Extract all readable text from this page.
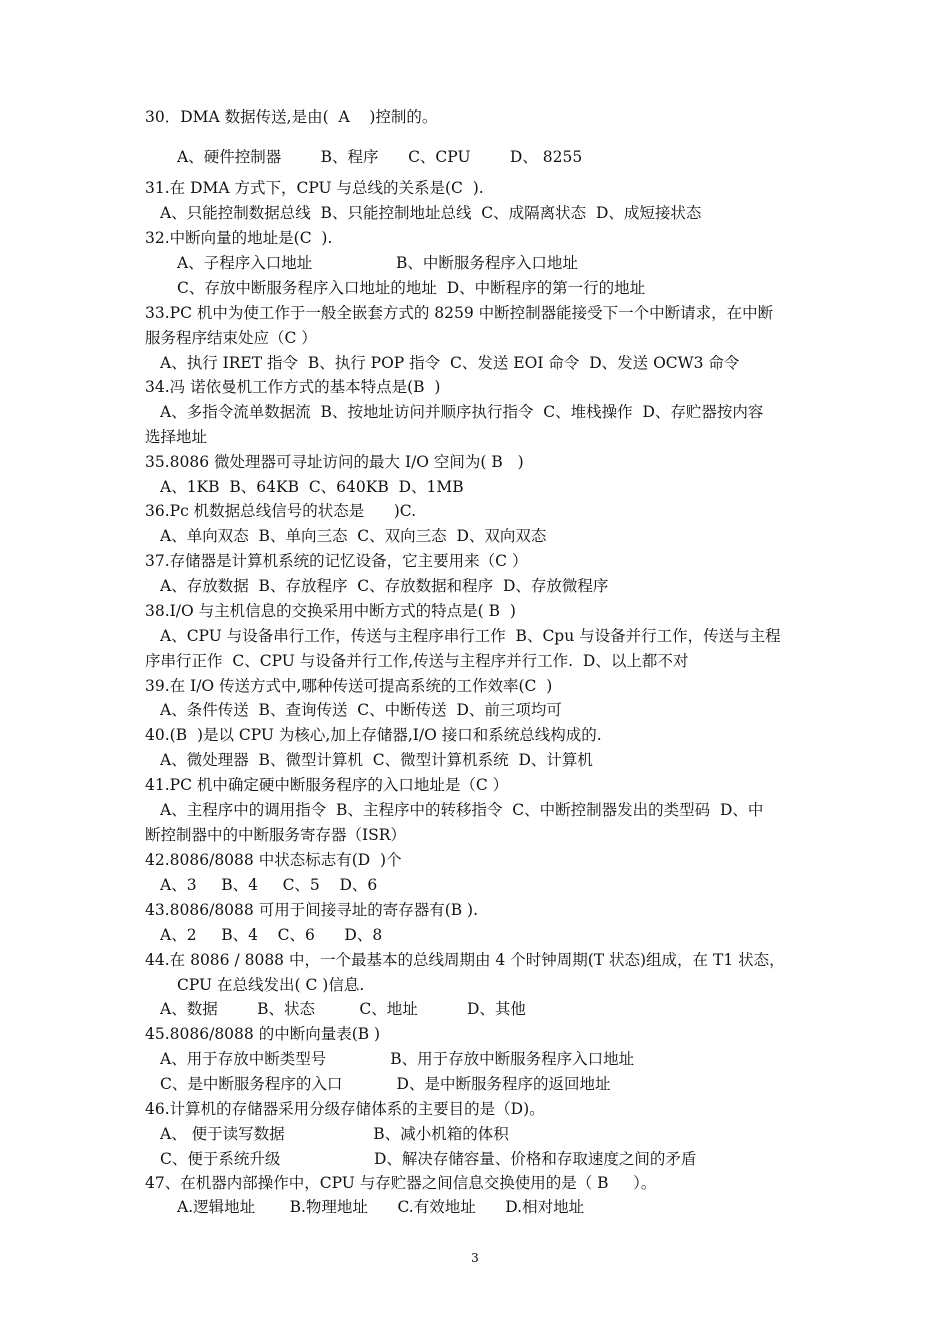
30．DMA 数据传送,是由(  A    )控制的。
A、硬件控制器        B、程序      C、CPU        D、 8255
31.在 DMA 方式下，CPU 与总线的关系是(C  ).
A、只能控制数据总线  B、只能控制地址总线  C、成隔离状态  D、成短接状态
32.中断向量的地址是(C  ).
A、子程序入口地址                 B、中断服务程序入口地址
C、存放中断服务程序入口地址的地址  D、中断程序的第一行的地址
33.PC 机中为使工作于一般全嵌套方式的 8259 中断控制器能接受下一个中断请求，在中断
服务程序结束处应（C ）
A、执行 IRET 指令  B、执行 POP 指令  C、发送 EOI 命令  D、发送 OCW3 命令
34.冯 诺依曼机工作方式的基本特点是(B  )
A、多指令流单数据流  B、按地址访问并顺序执行指令  C、堆栈操作  D、存贮器按内容
选择地址
35.8086 微处理器可寻址访问的最大 I/O 空间为( B   )
A、1KB  B、64KB  C、640KB  D、1MB
36.Pc 机数据总线信号的状态是      )C.
A、单向双态  B、单向三态  C、双向三态  D、双向双态
37.存储器是计算机系统的记忆设备，它主要用来（C ）
A、存放数据  B、存放程序  C、存放数据和程序  D、存放微程序
38.I/O 与主机信息的交换采用中断方式的特点是( B  )
A、CPU 与设备串行工作，传送与主程序串行工作  B、Cpu 与设备并行工作，传送与主程
序串行正作  C、CPU 与设备并行工作,传送与主程序并行工作.  D、以上都不对
39.在 I/O 传送方式中,哪种传送可提高系统的工作效率(C  )
A、条件传送  B、查询传送  C、中断传送  D、前三项均可
40.(B  )是以 CPU 为核心,加上存储器,I/O 接口和系统总线构成的.
A、微处理器  B、微型计算机  C、微型计算机系统  D、计算机
41.PC 机中确定硬中断服务程序的入口地址是（C ）
A、主程序中的调用指令  B、主程序中的转移指令  C、中断控制器发出的类型码  D、中
断控制器中的中断服务寄存器（ISR）
42.8086/8088 中状态标志有(D  )个
A、3     B、4     C、5    D、6
43.8086/8088 可用于间接寻址的寄存器有(B ).
A、2     B、4    C、6      D、8
44.在 8086 / 8088 中，一个最基本的总线周期由 4 个时钟周期(T 状态)组成，在 T1 状态，
CPU 在总线发出( C )信息.
A、数据        B、状态         C、地址          D、其他
45.8086/8088 的中断向量表(B )
A、用于存放中断类型号             B、用于存放中断服务程序入口地址
C、是中断服务程序的入口           D、是中断服务程序的返回地址
46.计算机的存储器采用分级存储体系的主要目的是（D)。
A、 便于读写数据                  B、减小机箱的体积
C、便于系统升级                   D、解决存储容量、价格和存取速度之间的矛盾
47、在机器内部操作中，CPU 与存贮器之间信息交换使用的是（ B     ）。
A.逻辑地址       B.物理地址      C.有效地址      D.相对地址
3
